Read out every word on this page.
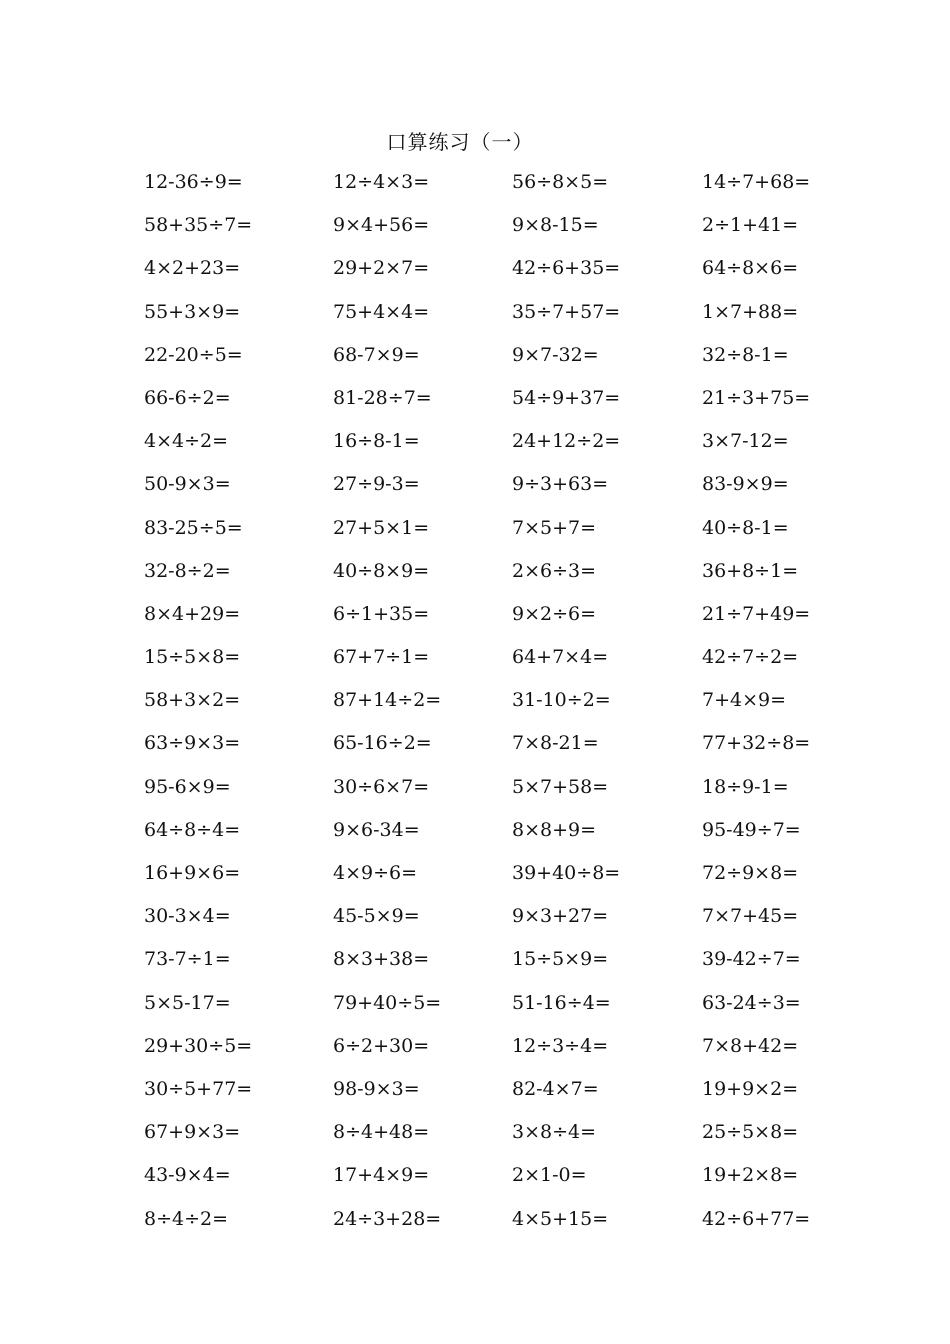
口算练习（一）
12-36÷9=	12÷4×3=	56÷8×5=	14÷7+68=
58+35÷7=	9×4+56=	9×8-15=	2÷1+41=
4×2+23=	29+2×7=	42÷6+35=	64÷8×6=
55+3×9=	75+4×4=	35÷7+57=	1×7+88=
22-20÷5=	68-7×9=	9×7-32=	32÷8-1=
66-6÷2=	81-28÷7=	54÷9+37=	21÷3+75=
4×4÷2=	16÷8-1=	24+12÷2=	3×7-12=
50-9×3=	27÷9-3=	9÷3+63=	83-9×9=
83-25÷5=	27+5×1=	7×5+7=	40÷8-1=
32-8÷2=	40÷8×9=	2×6÷3=	36+8÷1=
8×4+29=	6÷1+35=	9×2÷6=	21÷7+49=
15÷5×8=	67+7÷1=	64+7×4=	42÷7÷2=
58+3×2=	87+14÷2=	31-10÷2=	7+4×9=
63÷9×3=	65-16÷2=	7×8-21=	77+32÷8=
95-6×9=	30÷6×7=	5×7+58=	18÷9-1=
64÷8÷4=	9×6-34=	8×8+9=	95-49÷7=
16+9×6=	4×9÷6=	39+40÷8=	72÷9×8=
30-3×4=	45-5×9=	9×3+27=	7×7+45=
73-7÷1=	8×3+38=	15÷5×9=	39-42÷7=
5×5-17=	79+40÷5=	51-16÷4=	63-24÷3=
29+30÷5=	6÷2+30=	12÷3÷4=	7×8+42=
30÷5+77=	98-9×3=	82-4×7=	19+9×2=
67+9×3=	8÷4+48=	3×8÷4=	25÷5×8=
43-9×4=	17+4×9=	2×1-0=	19+2×8=
8÷4÷2=	24÷3+28=	4×5+15=	42÷6+77=
